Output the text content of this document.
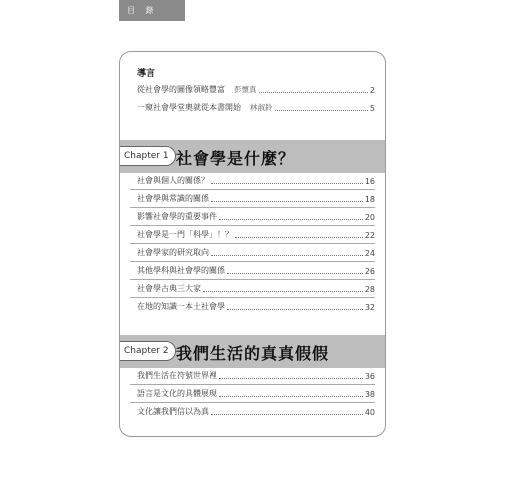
目 錄
導言
從社會學的圖像領略豐富 彭懷真	2
一窺社會學堂奧就從本書開始 林淑鈴	5
Chapter 1 社會學是什麼？
社會與個人的關係？	16
社會學與常識的關係	18
影響社會學的重要事件	20
社會學是一門「科學」！？	22
社會學家的研究取向	24
其他學科與社會學的關係	26
社會學古典三大家	28
在地的知識一本土社會學	32
Chapter 2 我們生活的真真假假
我們生活在符號世界裡	36
語言是文化的具體展現	38
文化讓我們信以為真	40
